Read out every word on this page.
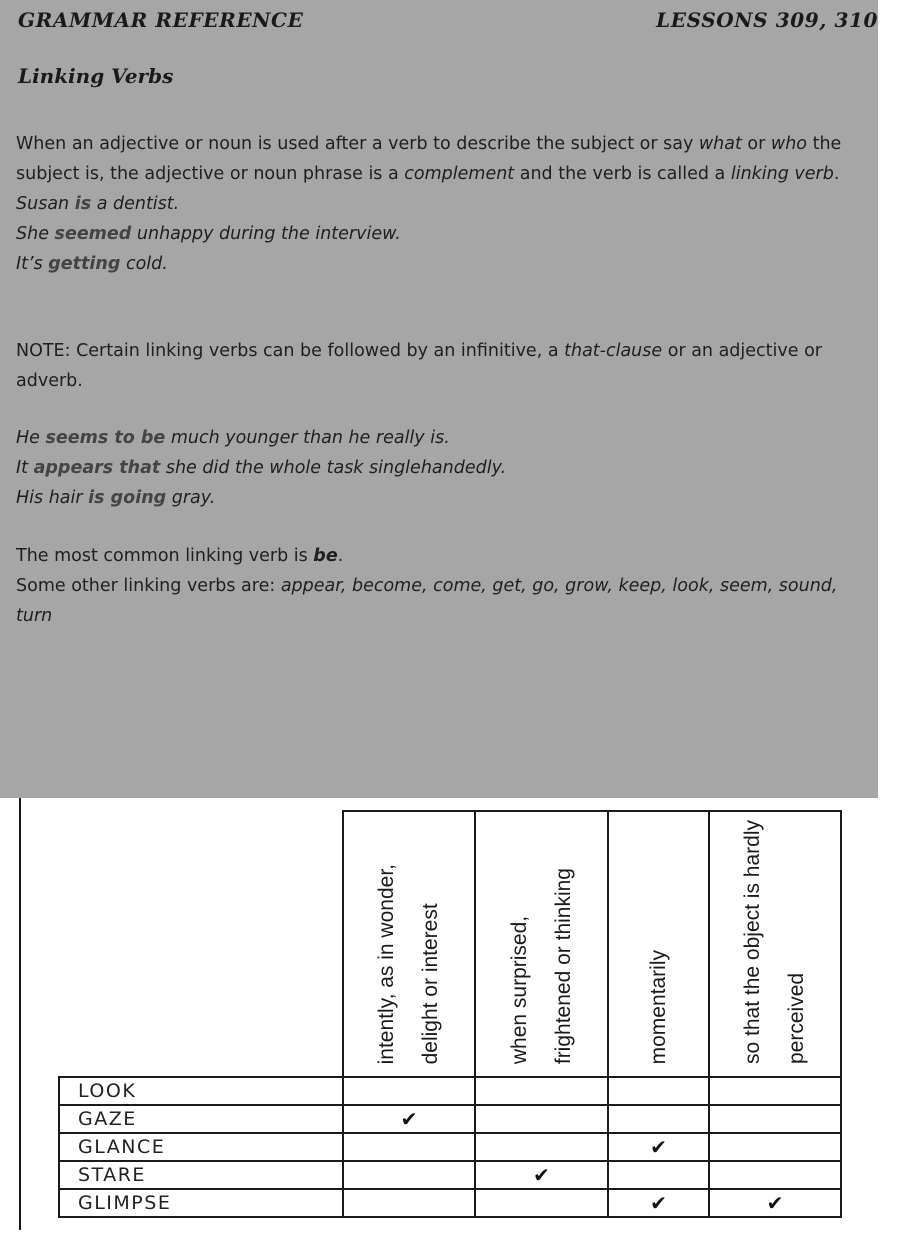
GRAMMAR REFERENCE	LESSONS 309, 310
Linking Verbs

When an adjective or noun is used after a verb to describe the subject or say what or who the subject is, the adjective or noun phrase is a complement and the verb is called a linking verb.

Susan is a dentist.

She seemed unhappy during the interview.

It’s getting cold.

NOTE: Certain linking verbs can be followed by an infinitive, a that-clause or an adjective or adverb.

He seems to be much younger than he really is.

It appears that she did the whole task singlehandedly.

His hair is going gray.

The most common linking verb is be.

Some other linking verbs are: appear, become, come, get, go, grow, keep, look, seem, sound, turn

	intently, as in wonder, delight or interest	when surprised, frightened or thinking	momentarily	so that the object is hardly perceived
LOOK				
GAZE	✔			
GLANCE			✔	
STARE		✔		
GLIMPSE			✔	✔
